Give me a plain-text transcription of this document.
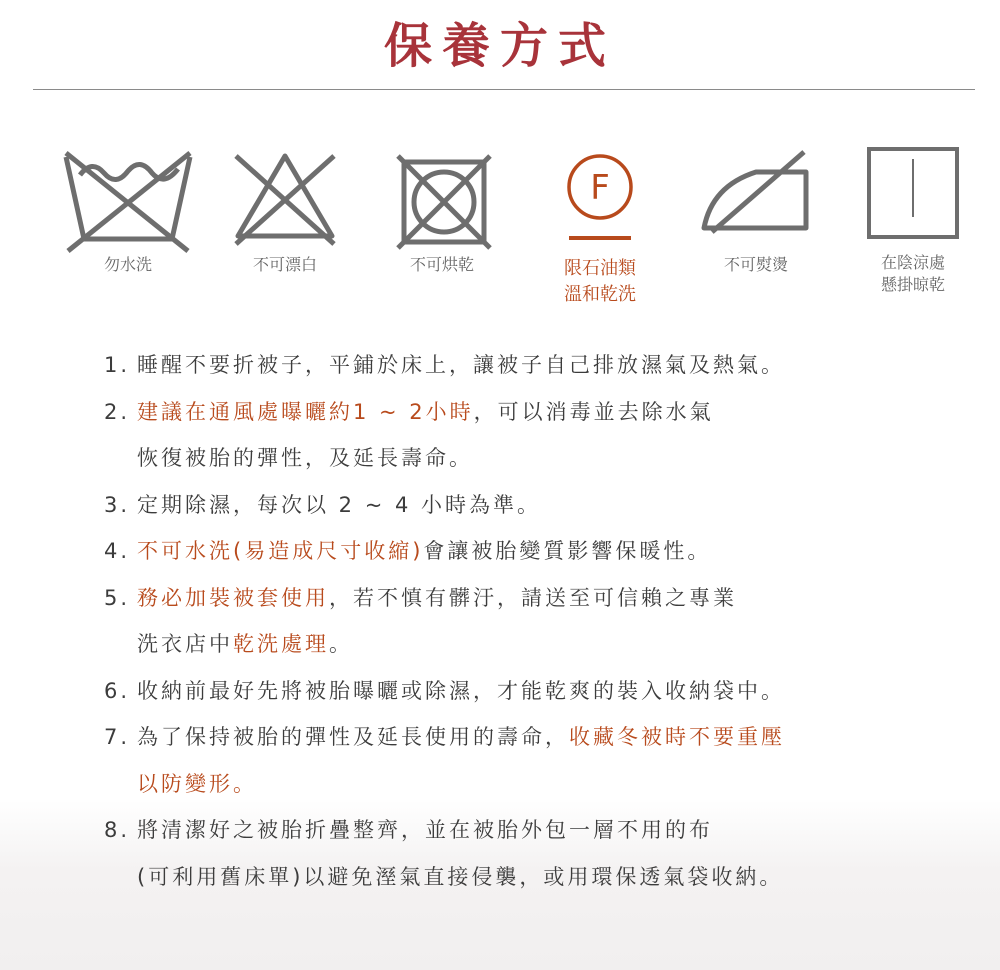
保養方式
勿水洗	不可漂白	不可烘乾
F
限石油類
溫和乾洗
不可熨燙	在陰涼處
懸掛晾乾
1. 睡醒不要折被子，平鋪於床上，讓被子自己排放濕氣及熱氣。
2. 建議在通風處曝曬約1 ~ 2小時，可以消毒並去除水氣
恢復被胎的彈性，及延長壽命。
3. 定期除濕，每次以 2 ~ 4 小時為準。
4. 不可水洗(易造成尺寸收縮)會讓被胎變質影響保暖性。
5. 務必加裝被套使用，若不慎有髒汙，請送至可信賴之專業
洗衣店中乾洗處理。
6. 收納前最好先將被胎曝曬或除濕，才能乾爽的裝入收納袋中。
7. 為了保持被胎的彈性及延長使用的壽命，收藏冬被時不要重壓
以防變形。
8. 將清潔好之被胎折疊整齊，並在被胎外包一層不用的布
(可利用舊床單)以避免溼氣直接侵襲，或用環保透氣袋收納。
